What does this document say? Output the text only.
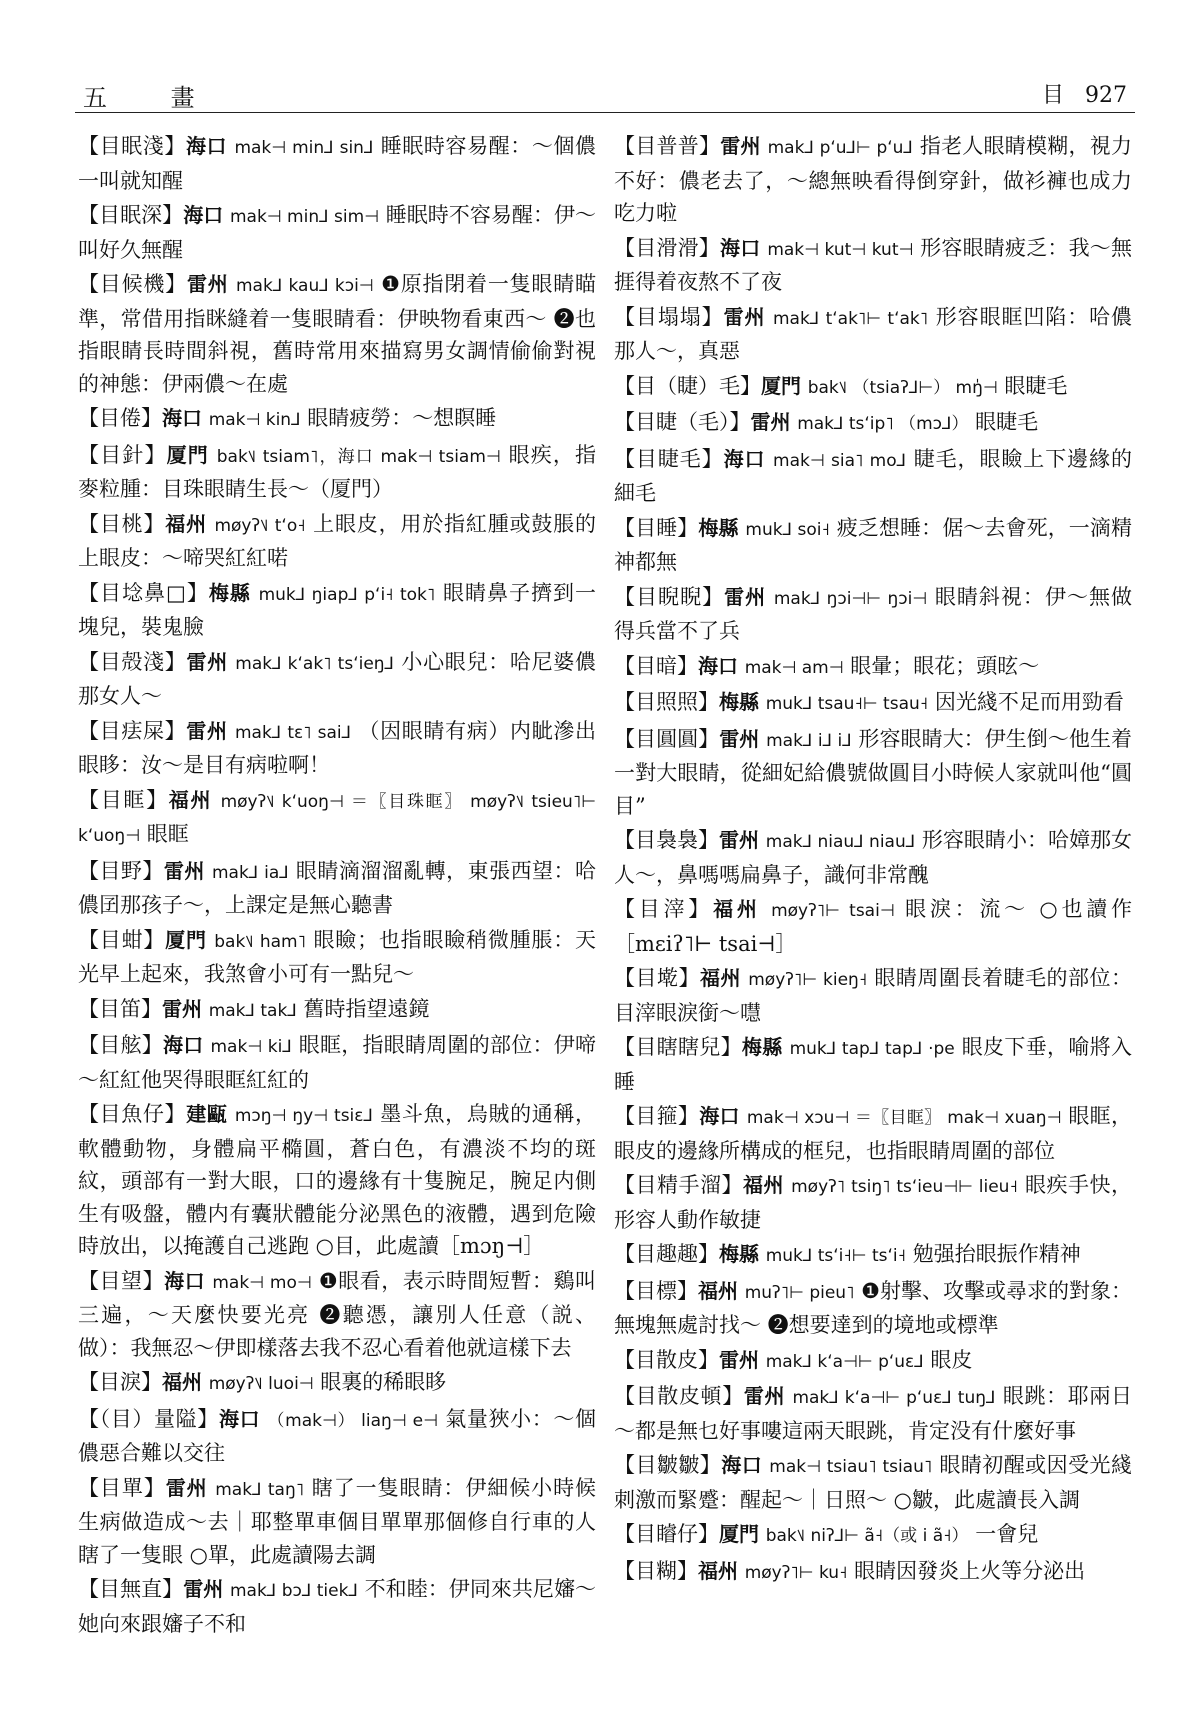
五 畫	目 927
【目眠淺】海口 mak⊣ min⅃ sin⅃ 睡眠時容易醒：～個儂一叫就知醒
【目眠深】海口 mak⊣ min⅃ sim⊣ 睡眠時不容易醒：伊～叫好久無醒
【目候機】雷州 mak⅃ kau⅃ kɔi⊣ ❶原指閉着一隻眼睛瞄準，常借用指眯縫着一隻眼睛看：伊映物看東西～ ❷也指眼睛長時間斜視，舊時常用來描寫男女調情偷偷對視的神態：伊兩儂～在處
【目倦】海口 mak⊣ kin⅃ 眼睛疲勞：～想瞑睡
【目針】厦門 bak˥˩ tsiam˥，海口 mak⊣ tsiam⊣ 眼疾，指麥粒腫：目珠眼睛生長～（厦門）
【目桃】福州 møyʔ˥˩ tʻo˧ 上眼皮，用於指紅腫或鼓脹的上眼皮：～啼哭紅紅喏
【目埝鼻□】梅縣 muk⅃ ŋiap⅃ pʻi˧ tok˥ 眼睛鼻子擠到一塊兒，裝鬼臉
【目殻淺】雷州 mak⅃ kʻak˥ tsʻieŋ⅃ 小心眼兒：哈尼婆儂那女人～
【目㾀屎】雷州 mak⅃ tɛ˥ sai⅃ （因眼睛有病）内眦滲出眼眵：汝～是目有病啦啊！
【目眶】福州 møyʔ˥˩ kʻuoŋ⊣ ＝〖目珠眶〗 møyʔ˥˩ tsieu˥⊢ kʻuoŋ⊣ 眼眶
【目野】雷州 mak⅃ ia⅃ 眼睛滴溜溜亂轉，東張西望：哈儂囝那孩子～，上課定是無心聽書
【目蚶】厦門 bak˥˩ ham˥ 眼瞼；也指眼瞼稍微腫脹：天光早上起來，我煞會小可有一點兒～
【目笛】雷州 mak⅃ tak⅃ 舊時指望遠鏡
【目舷】海口 mak⊣ ki⅃ 眼眶，指眼睛周圍的部位：伊啼～紅紅他哭得眼眶紅紅的
【目魚仔】建甌 mɔŋ⊣ ŋy⊣ tsiɛ⅃ 墨斗魚，烏賊的通稱，軟體動物，身體扁平橢圓，蒼白色，有濃淡不均的斑紋，頭部有一對大眼，口的邊緣有十隻腕足，腕足内側生有吸盤，體内有囊狀體能分泌黑色的液體，遇到危險時放出，以掩護自己逃跑 ○目，此處讀［mɔŋ⊣］
【目望】海口 mak⊣ mo⊣ ❶眼看，表示時間短暫：鷄叫三遍，～天麼快要光亮 ❷聽憑，讓別人任意（説、做）：我無忍～伊即樣落去我不忍心看着他就這樣下去
【目淚】福州 møyʔ˥˩ luoi⊣ 眼裏的稀眼眵
【（目）量隘】海口 （mak⊣） liaŋ⊣ e⊣ 氣量狹小：～個儂惡合難以交往
【目單】雷州 mak⅃ taŋ˥ 瞎了一隻眼睛：伊細候小時候生病做造成～去｜耶整單車個目單單那個修自行車的人瞎了一隻眼 ○單，此處讀陽去調
【目無直】雷州 mak⅃ bɔ⅃ tiek⅃ 不和睦：伊同來共尼嬸～她向來跟嬸子不和
【目普普】雷州 mak⅃ pʻu⅃⊢ pʻu⅃ 指老人眼睛模糊，視力不好：儂老去了，～總無映看得倒穿針，做衫褲也成力吃力啦
【目滑滑】海口 mak⊣ kut⊣ kut⊣ 形容眼睛疲乏：我～無捱得着夜熬不了夜
【目塌塌】雷州 mak⅃ tʻak˥⊢ tʻak˥ 形容眼眶凹陷：哈儂那人～，真惡
【目（睫）毛】厦門 bak˥˩ （tsiaʔ⅃⊢） mŋ̍⊣ 眼睫毛
【目睫（毛）】雷州 mak⅃ tsʻip˥ （mɔ⅃） 眼睫毛
【目睫毛】海口 mak⊣ sia˥ mo⅃ 睫毛，眼瞼上下邊緣的細毛
【目睡】梅縣 muk⅃ soi˧ 疲乏想睡：倨～去會死，一滴精神都無
【目睨睨】雷州 mak⅃ ŋɔi⊣⊢ ŋɔi⊣ 眼睛斜視：伊～無做得兵當不了兵
【目暗】海口 mak⊣ am⊣ 眼暈；眼花；頭昡～
【目照照】梅縣 muk⅃ tsau˧⊢ tsau˧ 因光綫不足而用勁看
【目圓圓】雷州 mak⅃ i⅃ i⅃ 形容眼睛大：伊生倒～他生着一對大眼睛，從細妃給儂號做圓目小時候人家就叫他“圓目”
【目裊裊】雷州 mak⅃ niau⅃ niau⅃ 形容眼睛小：哈嫜那女人～，鼻嗎嗎扁鼻子，識何非常醜
【目滓】福州 møyʔ˥⊢ tsai⊣ 眼淚：流～ ○也讀作［mɛiʔ˥⊢ tsai⊣］
【目墘】福州 møyʔ˥⊢ kieŋ˧ 眼睛周圍長着睫毛的部位：目滓眼淚銜～嚖
【目瞎瞎兒】梅縣 muk⅃ tap⅃ tap⅃ ·pe 眼皮下垂，喻將入睡
【目箍】海口 mak⊣ xɔu⊣ ＝〖目眶〗 mak⊣ xuaŋ⊣ 眼眶，眼皮的邊緣所構成的框兒，也指眼睛周圍的部位
【目精手溜】福州 møyʔ˥ tsiŋ˥ tsʻieu⊣⊢ lieu˧ 眼疾手快，形容人動作敏捷
【目趣趣】梅縣 muk⅃ tsʻi˧⊢ tsʻi˧ 勉强抬眼振作精神
【目標】福州 muʔ˥⊢ pieu˥ ❶射擊、攻擊或尋求的對象：無塊無處討找～ ❷想要達到的境地或標準
【目散皮】雷州 mak⅃ kʻa⊣⊢ pʻuɛ⅃ 眼皮
【目散皮頓】雷州 mak⅃ kʻa⊣⊢ pʻuɛ⅃ tuŋ⅃ 眼跳：耶兩日～都是無乜好事嘍這兩天眼跳，肯定没有什麼好事
【目皺皺】海口 mak⊣ tsiau˥ tsiau˥ 眼睛初醒或因受光綫刺激而緊蹙：醒起～｜日照～ ○皺，此處讀長入調
【目𥌑仔】厦門 bak˥˩ niʔ⅃⊢ ã˧（或 i ã˧） 一會兒
【目糊】福州 møyʔ˥⊢ ku˧ 眼睛因發炎上火等分泌出
